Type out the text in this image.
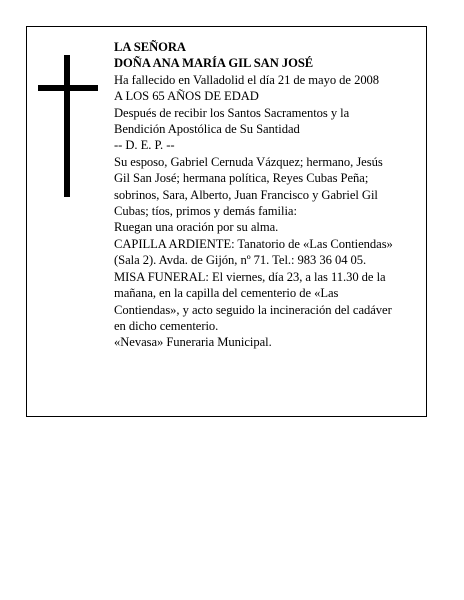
LA SEÑORA
DOÑA ANA MARÍA GIL SAN JOSÉ
Ha fallecido en Valladolid el día 21 de mayo de 2008
A LOS 65 AÑOS DE EDAD
Después de recibir los Santos Sacramentos y la
Bendición Apostólica de Su Santidad
-- D. E. P. --
Su esposo, Gabriel Cernuda Vázquez; hermano, Jesús
Gil San José; hermana política, Reyes Cubas Peña;
sobrinos, Sara, Alberto, Juan Francisco y Gabriel Gil
Cubas; tíos, primos y demás familia:
Ruegan una oración por su alma.
CAPILLA ARDIENTE: Tanatorio de «Las Contiendas»
(Sala 2). Avda. de Gijón, nº 71. Tel.: 983 36 04 05.
MISA FUNERAL: El viernes, día 23, a las 11.30 de la
mañana, en la capilla del cementerio de «Las
Contiendas», y acto seguido la incineración del cadáver
en dicho cementerio.
«Nevasa» Funeraria Municipal.
